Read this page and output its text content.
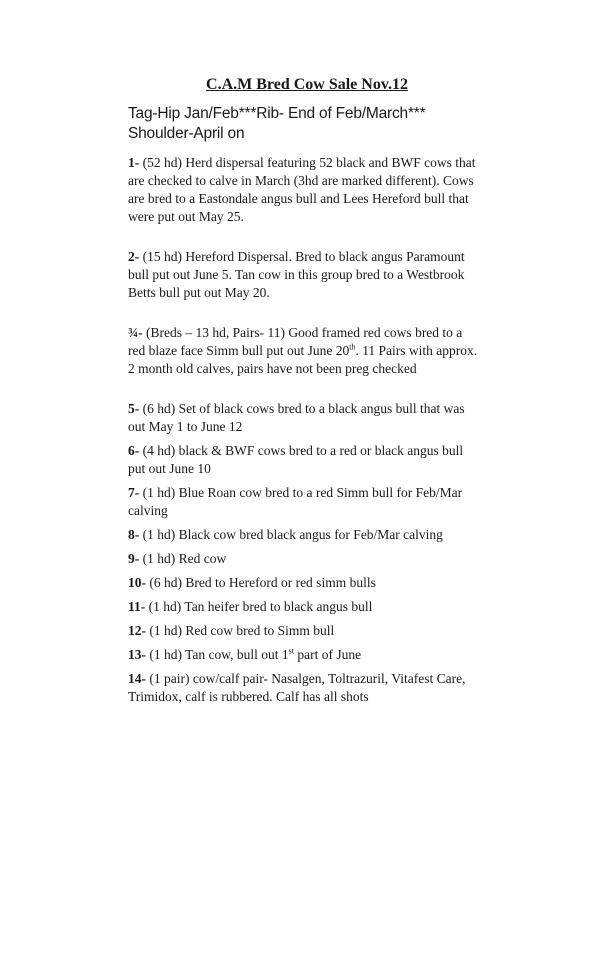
C.A.M Bred Cow Sale Nov.12
Tag-Hip Jan/Feb***Rib- End of Feb/March*** Shoulder-April on

1- (52 hd) Herd dispersal featuring 52 black and BWF cows that are checked to calve in March (3hd are marked different). Cows are bred to a Eastondale angus bull and Lees Hereford bull that were put out May 25.

2- (15 hd) Hereford Dispersal. Bred to black angus Paramount bull put out June 5. Tan cow in this group bred to a Westbrook Betts bull put out May 20.

¾- (Breds – 13 hd, Pairs- 11) Good framed red cows bred to a red blaze face Simm bull put out June 20th. 11 Pairs with approx. 2 month old calves, pairs have not been preg checked

5- (6 hd) Set of black cows bred to a black angus bull that was out May 1 to June 12

6- (4 hd) black & BWF cows bred to a red or black angus bull put out June 10

7- (1 hd) Blue Roan cow bred to a red Simm bull for Feb/Mar calving

8- (1 hd) Black cow bred black angus for Feb/Mar calving

9- (1 hd) Red cow

10- (6 hd) Bred to Hereford or red simm bulls

11- (1 hd) Tan heifer bred to black angus bull

12- (1 hd) Red cow bred to Simm bull

13- (1 hd) Tan cow, bull out 1st part of June

14- (1 pair) cow/calf pair- Nasalgen, Toltrazuril, Vitafest Care, Trimidox, calf is rubbered. Calf has all shots
